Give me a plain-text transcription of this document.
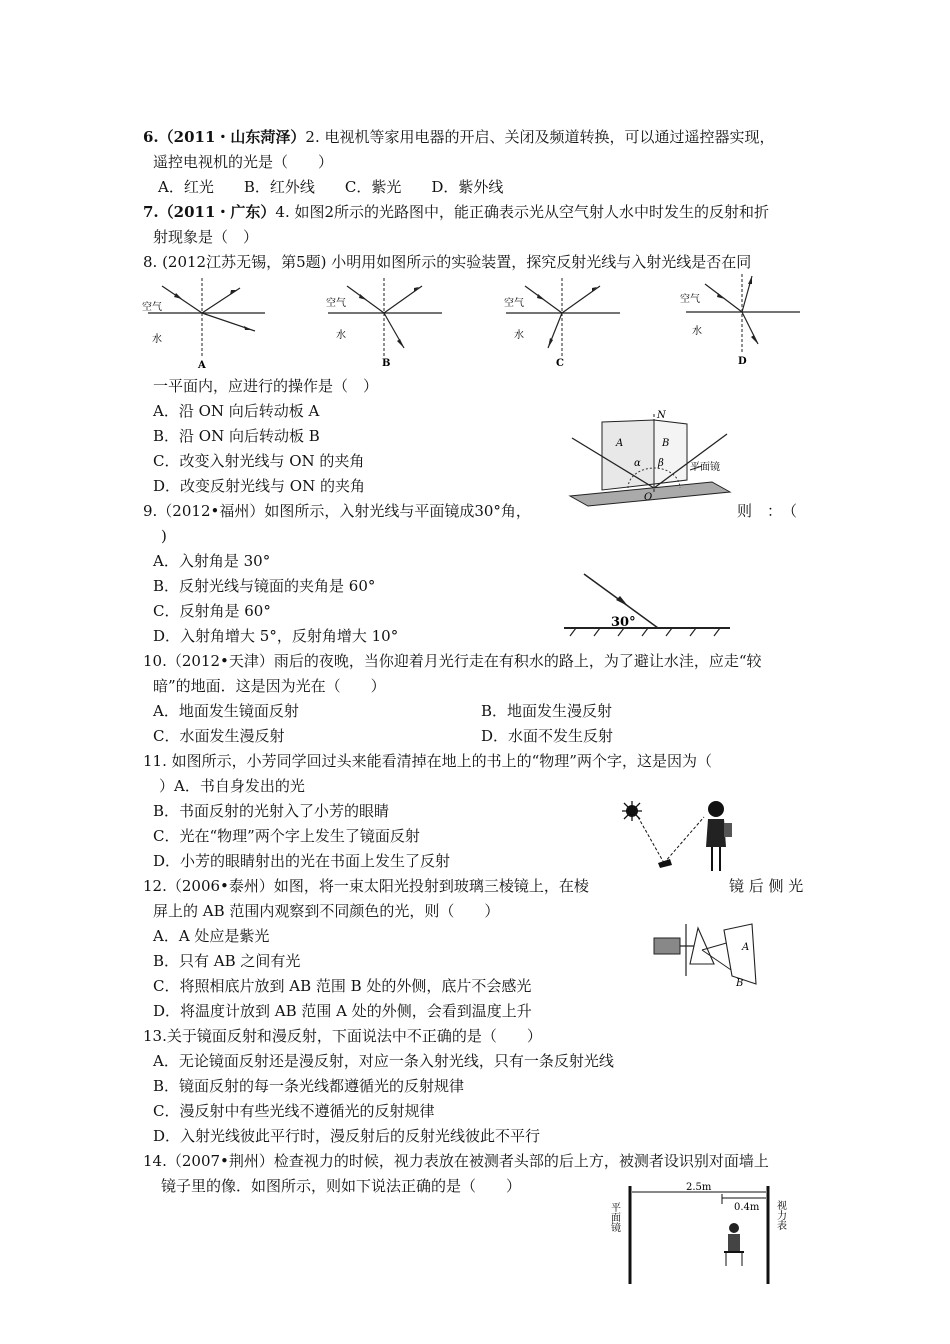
6.（2011・山东菏泽）2. 电视机等家用电器的开启、关闭及频道转换，可以通过遥控器实现，
遥控电视机的光是（　　）
A．红光　　B．红外线　　C．紫光　　D．紫外线
7.（2011・广东）4. 如图2所示的光路图中，能正确表示光从空气射人水中时发生的反射和折
射现象是（　）
8. (2012江苏无锡，第5题) 小明用如图所示的实验装置，探究反射光线与入射光线是否在同
空气
水
A
空气
水
B
空气
水
C
空气
水
D
一平面内，应进行的操作是（　）
A．沿 ON 向后转动板 A
B．沿 ON 向后转动板 B
C．改变入射光线与 ON 的夹角
D．改变反射光线与 ON 的夹角
N
A	B
α β
O
平面镜
9.（2012•福州）如图所示，入射光线与平面镜成30°角，	则　：　（
)
A．入射角是 30°
B．反射光线与镜面的夹角是 60°
C．反射角是 60°
D．入射角增大 5°，反射角增大 10°
30°
10.（2012•天津）雨后的夜晚，当你迎着月光行走在有积水的路上，为了避让水洼，应走“较
暗”的地面．这是因为光在（　　）
A．地面发生镜面反射	B．地面发生漫反射
C．水面发生漫反射	D．水面不发生反射
11. 如图所示，小芳同学回过头来能看清掉在地上的书上的“物理”两个字，这是因为（
）A．书自身发出的光
B．书面反射的光射入了小芳的眼睛
C．光在“物理”两个字上发生了镜面反射
D．小芳的眼睛射出的光在书面上发生了反射
12.（2006•泰州）如图，将一束太阳光投射到玻璃三棱镜上，在棱	镜 后 侧 光
屏上的 AB 范围内观察到不同颜色的光，则（　　）
A．A 处应是紫光
B．只有 AB 之间有光
C．将照相底片放到 AB 范围 B 处的外侧，底片不会感光
D．将温度计放到 AB 范围 A 处的外侧，会看到温度上升
A
B
13.关于镜面反射和漫反射，下面说法中不正确的是（　　）
A．无论镜面反射还是漫反射，对应一条入射光线，只有一条反射光线
B．镜面反射的每一条光线都遵循光的反射规律
C．漫反射中有些光线不遵循光的反射规律
D．入射光线彼此平行时，漫反射后的反射光线彼此不平行
14.（2007•荆州）检查视力的时候，视力表放在被测者头部的后上方，被测者设识别对面墙上
镜子里的像．如图所示，则如下说法正确的是（　　）	2.5m
0.4m
平面镜	视力表
